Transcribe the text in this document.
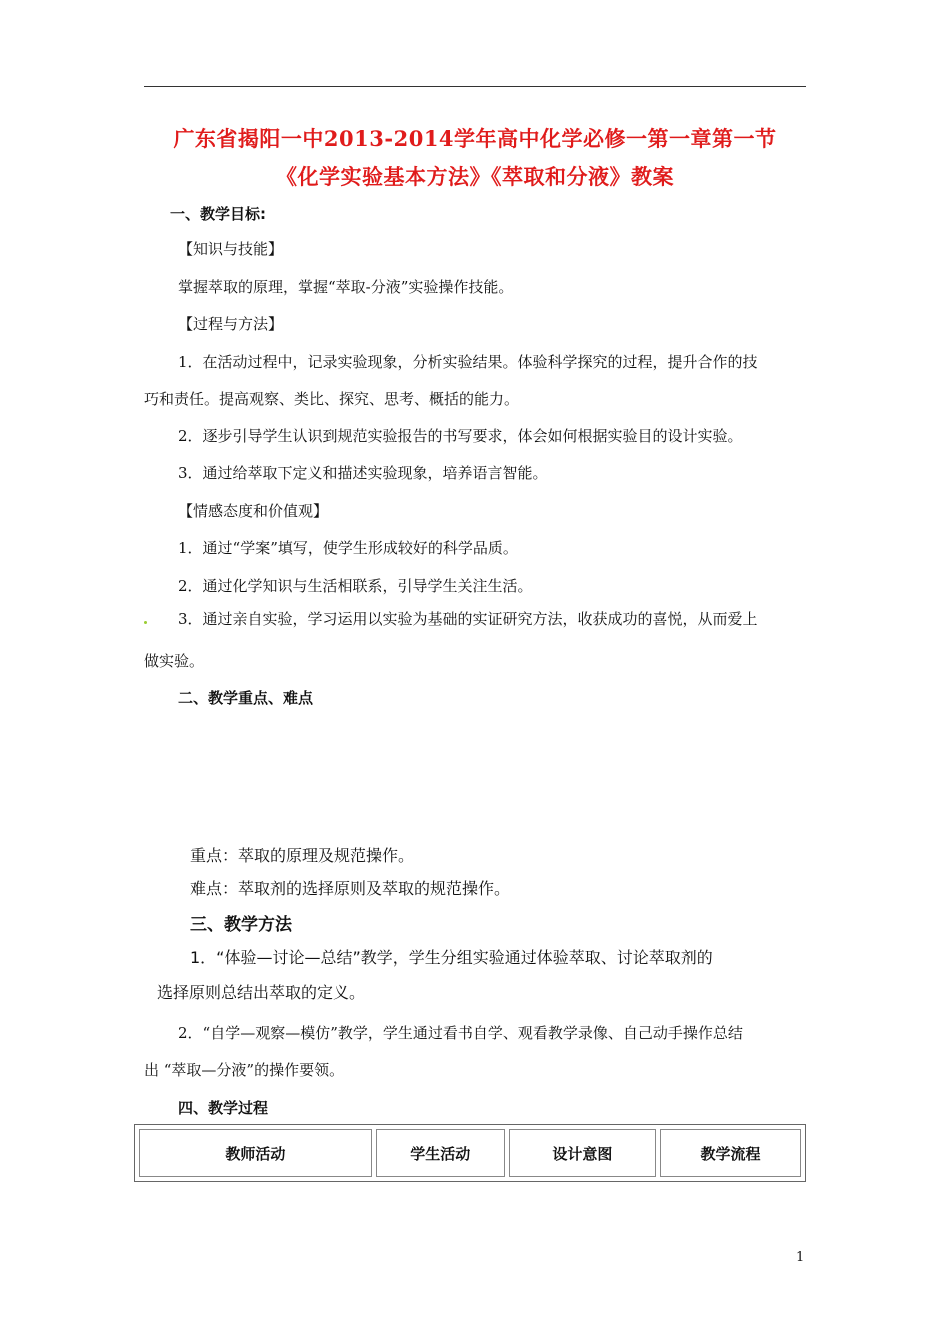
广东省揭阳一中2013-2014学年高中化学必修一第一章第一节
《化学实验基本方法》《萃取和分液》教案
一、教学目标:
【知识与技能】
掌握萃取的原理，掌握“萃取-分液”实验操作技能。
【过程与方法】
1．在活动过程中，记录实验现象，分析实验结果。体验科学探究的过程，提升合作的技
巧和责任。提高观察、类比、探究、思考、概括的能力。
2．逐步引导学生认识到规范实验报告的书写要求，体会如何根据实验目的设计实验。
3．通过给萃取下定义和描述实验现象，培养语言智能。
【情感态度和价值观】
1．通过“学案”填写，使学生形成较好的科学品质。
2．通过化学知识与生活相联系，引导学生关注生活。
3．通过亲自实验，学习运用以实验为基础的实证研究方法，收获成功的喜悦，从而爱上
做实验。
二、教学重点、难点
重点：萃取的原理及规范操作。
难点：萃取剂的选择原则及萃取的规范操作。
三、教学方法
1．“体验—讨论—总结”教学，学生分组实验通过体验萃取、讨论萃取剂的
选择原则总结出萃取的定义。
2．“自学—观察—模仿”教学，学生通过看书自学、观看教学录像、自己动手操作总结
出 “萃取—分液”的操作要领。
四、教学过程
教师活动	学生活动	设计意图	教学流程
1
